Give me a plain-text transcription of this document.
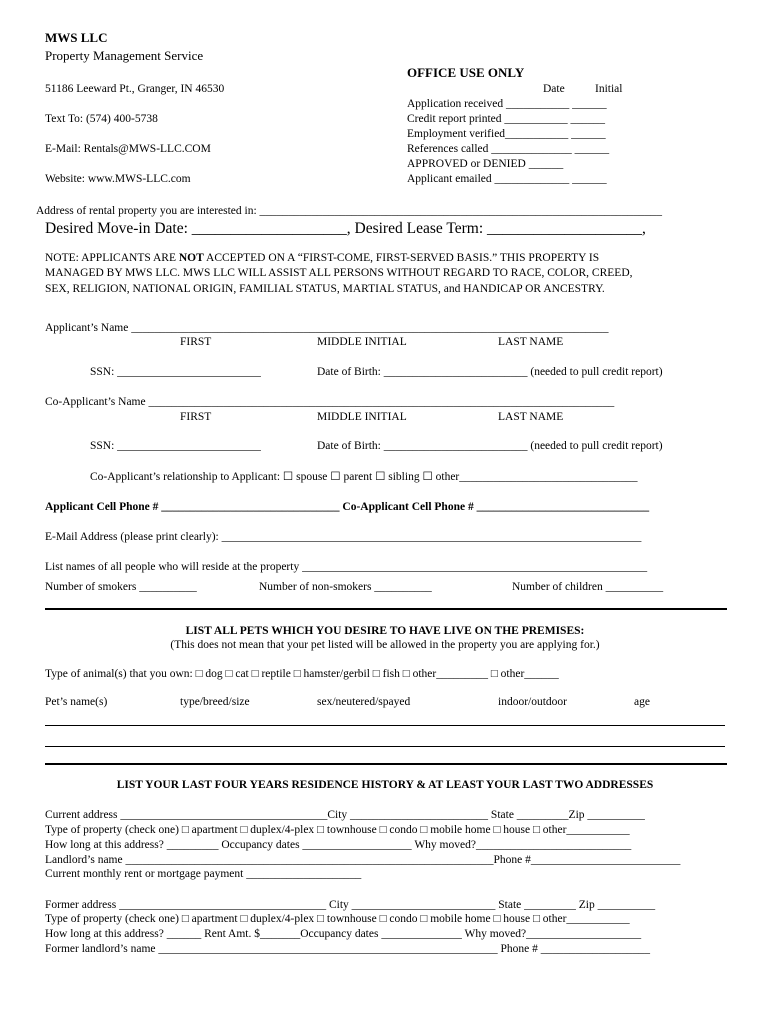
MWS LLC
Property Management Service
51186 Leeward Pt., Granger, IN 46530
Text To: (574) 400-5738
E-Mail: Rentals@MWS-LLC.COM
Website: www.MWS-LLC.com
OFFICE USE ONLY
Date	Initial
Application received ___________ ______
Credit report printed ___________ ______
Employment verified___________ ______
References called ______________ ______
APPROVED or DENIED ______
Applicant emailed _____________ ______
Address of rental property you are interested in: ______________________________________________________________________
Desired Move-in Date: ____________________, Desired Lease Term: ____________________,
NOTE: APPLICANTS ARE NOT ACCEPTED ON A “FIRST-COME, FIRST-SERVED BASIS.” THIS PROPERTY IS
MANAGED BY MWS LLC. MWS LLC WILL ASSIST ALL PERSONS WITHOUT REGARD TO RACE, COLOR, CREED,
SEX, RELIGION, NATIONAL ORIGIN, FAMILIAL STATUS, MARTIAL STATUS, and HANDICAP OR ANCESTRY.
Applicant’s Name ___________________________________________________________________________________
FIRST	MIDDLE INITIAL	LAST NAME
SSN: _________________________	Date of Birth: _________________________ (needed to pull credit report)
Co-Applicant’s Name _________________________________________________________________________________
FIRST	MIDDLE INITIAL	LAST NAME
SSN: _________________________	Date of Birth: _________________________ (needed to pull credit report)
Co-Applicant’s relationship to Applicant: ☐ spouse ☐ parent ☐ sibling ☐ other_______________________________
Applicant Cell Phone # _______________________________ Co-Applicant Cell Phone # ______________________________
E-Mail Address (please print clearly): _________________________________________________________________________
List names of all people who will reside at the property ____________________________________________________________
Number of smokers __________	Number of non-smokers __________	Number of children __________
LIST ALL PETS WHICH YOU DESIRE TO HAVE LIVE ON THE PREMISES:
(This does not mean that your pet listed will be allowed in the property you are applying for.)
Type of animal(s) that you own: □ dog □ cat □ reptile □ hamster/gerbil □ fish □ other_________ □ other______
Pet’s name(s)	type/breed/size	sex/neutered/spayed	indoor/outdoor	age
LIST YOUR LAST FOUR YEARS RESIDENCE HISTORY & AT LEAST YOUR LAST TWO ADDRESSES
Current address ____________________________________City ________________________ State _________Zip __________
Type of property (check one) □ apartment □ duplex/4-plex □ townhouse □ condo □ mobile home □ house □ other___________
How long at this address? _________ Occupancy dates ___________________ Why moved?___________________________
Landlord’s name ________________________________________________________________Phone #__________________________
Current monthly rent or mortgage payment ____________________
Former address ____________________________________ City _________________________ State _________ Zip __________
Type of property (check one) □ apartment □ duplex/4-plex □ townhouse □ condo □ mobile home □ house □ other___________
How long at this address? ______ Rent Amt. $_______Occupancy dates ______________ Why moved?____________________
Former landlord’s name ___________________________________________________________ Phone # ___________________
